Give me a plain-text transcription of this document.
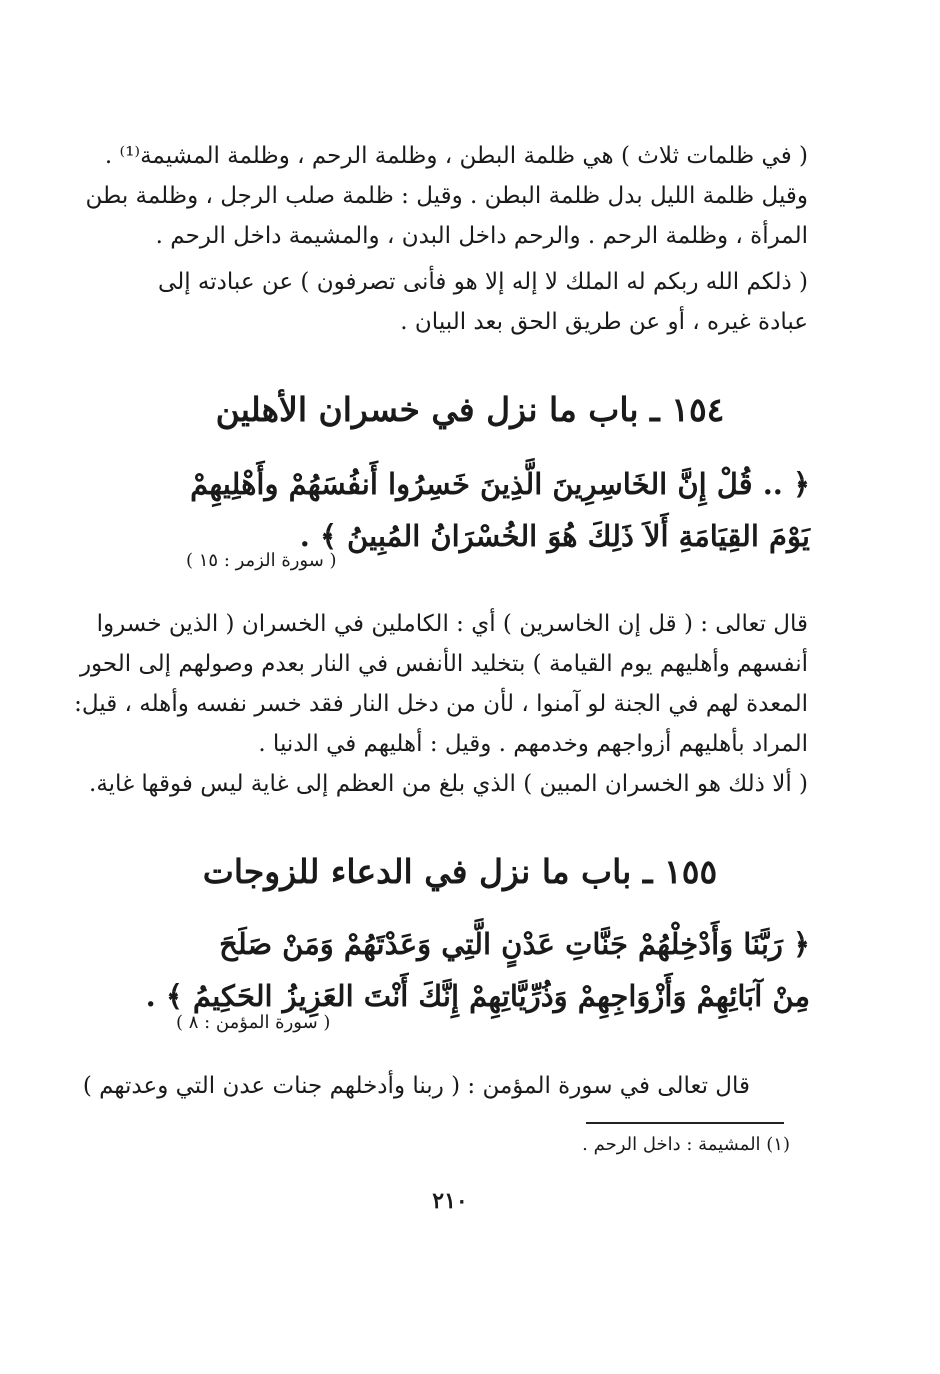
( في ظلمات ثلاث ) هي ظلمة البطن ، وظلمة الرحم ، وظلمة المشيمة⁽¹⁾ .
وقيل ظلمة الليل بدل ظلمة البطن . وقيل : ظلمة صلب الرجل ، وظلمة بطن
المرأة ، وظلمة الرحم . والرحم داخل البدن ، والمشيمة داخل الرحم .
( ذلكم الله ربكم له الملك لا إله إلا هو فأنى تصرفون ) عن عبادته إلى
عبادة غيره ، أو عن طريق الحق بعد البيان .
١٥٤ ـ باب ما نزل في خسران الأهلين
﴿ .. قُلْ إِنَّ الخَاسِرِينَ الَّذِينَ خَسِرُوا أَنفُسَهُمْ وأَهْلِيهِمْ
يَوْمَ القِيَامَةِ أَلاَ ذَلِكَ هُوَ الخُسْرَانُ المُبِينُ ﴾ .
( سورة الزمر : ١٥ )
قال تعالى : ( قل إن الخاسرين ) أي : الكاملين في الخسران ( الذين خسروا
أنفسهم وأهليهم يوم القيامة ) بتخليد الأنفس في النار بعدم وصولهم إلى الحور
المعدة لهم في الجنة لو آمنوا ، لأن من دخل النار فقد خسر نفسه وأهله ، قيل:
المراد بأهليهم أزواجهم وخدمهم . وقيل : أهليهم في الدنيا .
( ألا ذلك هو الخسران المبين ) الذي بلغ من العظم إلى غاية ليس فوقها غاية.
١٥٥ ـ باب ما نزل في الدعاء للزوجات
﴿ رَبَّنَا وَأَدْخِلْهُمْ جَنَّاتِ عَدْنٍ الَّتِي وَعَدْتَهُمْ وَمَنْ صَلَحَ
مِنْ آبَائِهِمْ وَأَزْوَاجِهِمْ وَذُرِّيَّاتِهِمْ إِنَّكَ أَنْتَ العَزِيزُ الحَكِيمُ ﴾ .
( سورة المؤمن : ٨ )
قال تعالى في سورة المؤمن : ( ربنا وأدخلهم جنات عدن التي وعدتهم )
(١) المشيمة : داخل الرحم .
٢١٠
